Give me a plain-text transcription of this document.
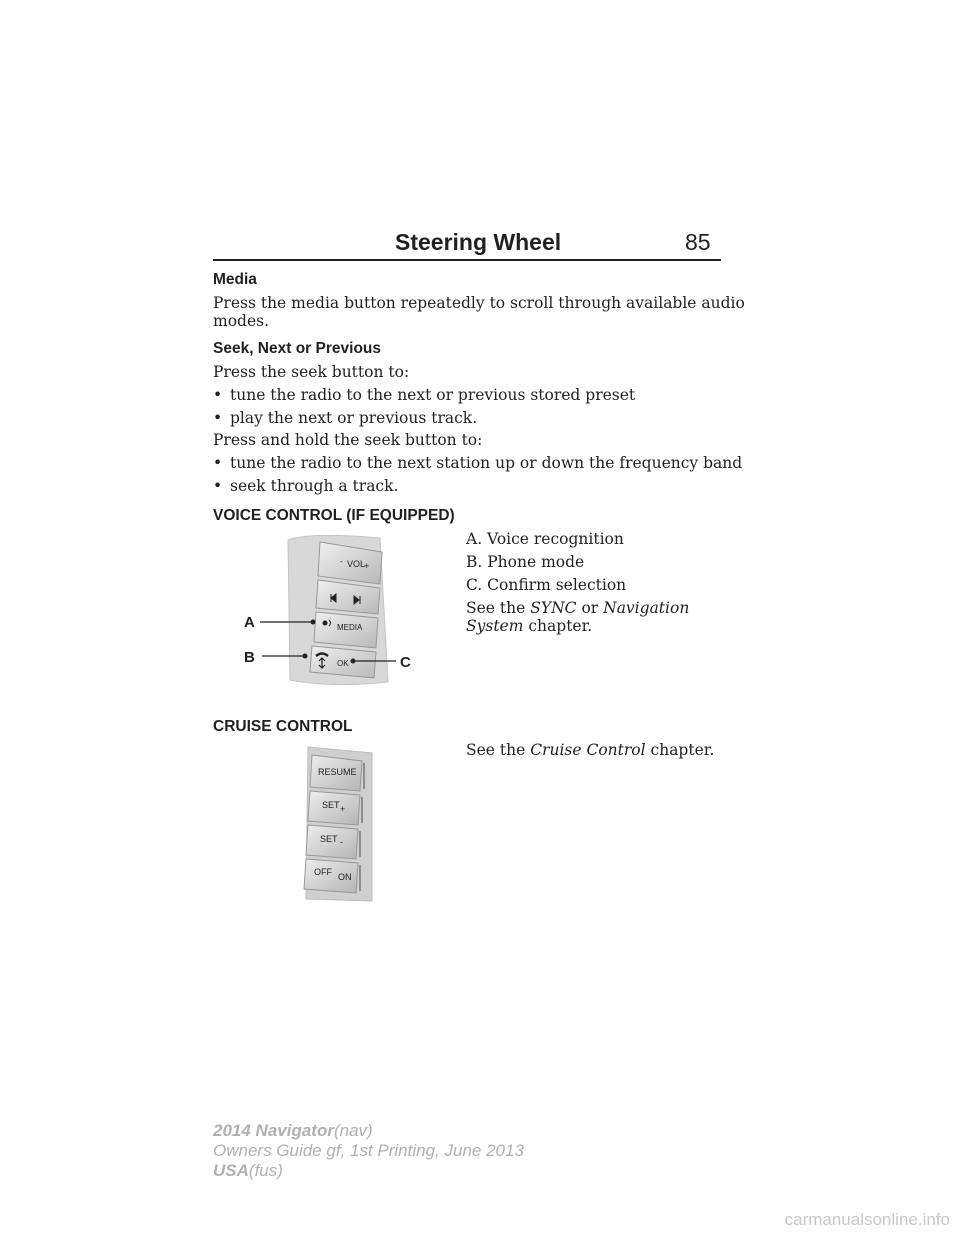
Steering Wheel	85
Media
Press the media button repeatedly to scroll through available audio
modes.
Seek, Next or Previous
Press the seek button to:
• tune the radio to the next or previous stored preset
• play the next or previous track.
Press and hold the seek button to:
• tune the radio to the next station up or down the frequency band
• seek through a track.
VOICE CONTROL (IF EQUIPPED)
- VOL
+
MEDIA
OK
A
B	C
A. Voice recognition
B. Phone mode
C. Confirm selection
See the SYNC or Navigation
System chapter.
CRUISE CONTROL
See the Cruise Control chapter.
RESUME
SET +
SET -
OFF ON
2014 Navigator(nav)
Owners Guide gf, 1st Printing, June 2013
USA(fus)
carmanualsonline.info
